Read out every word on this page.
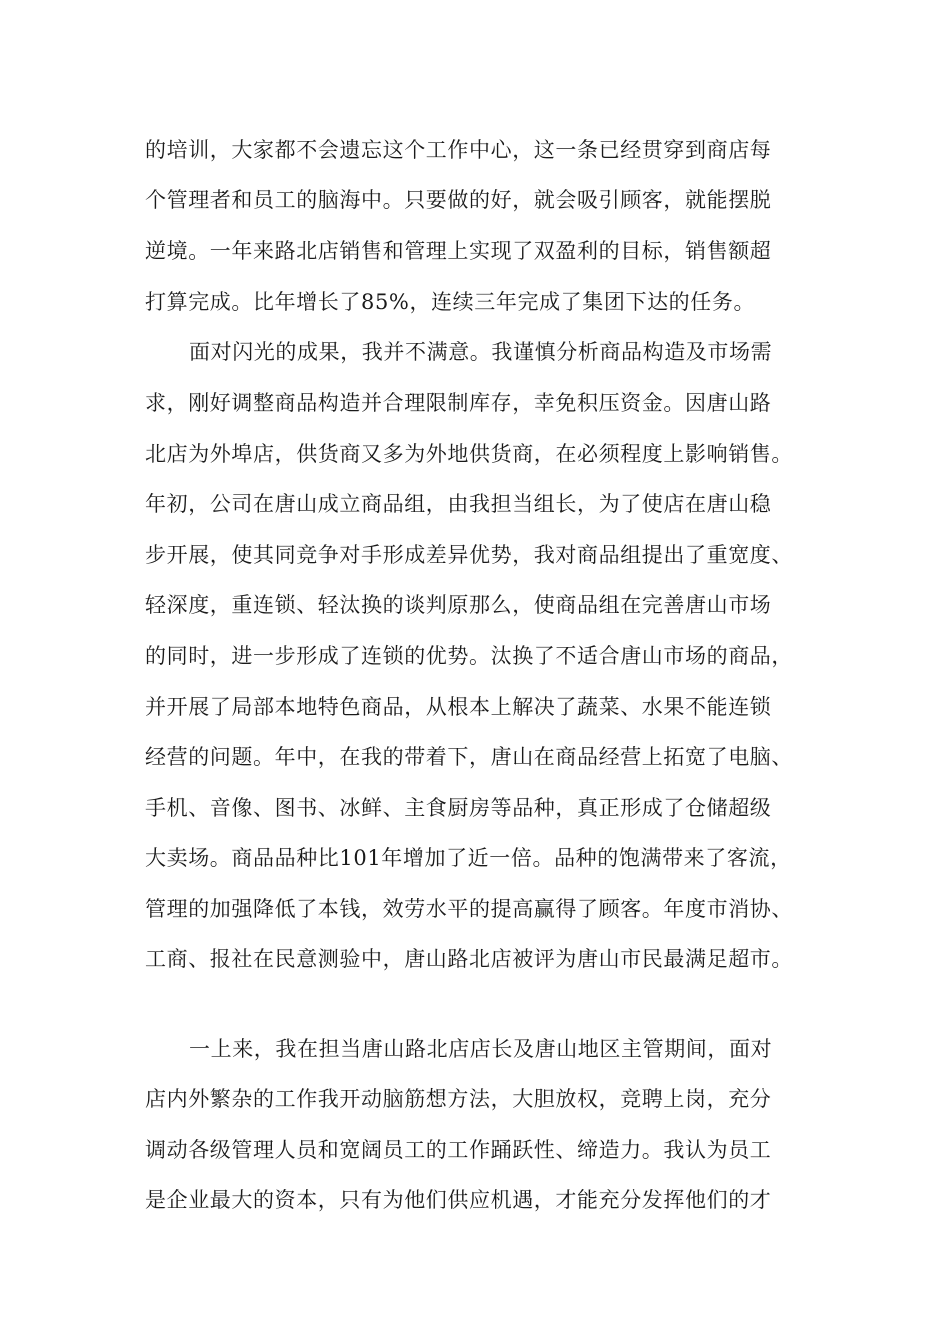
的培训，大家都不会遗忘这个工作中心，这一条已经贯穿到商店每
个管理者和员工的脑海中。只要做的好，就会吸引顾客，就能摆脱
逆境。一年来路北店销售和管理上实现了双盈利的目标，销售额超
打算完成。比年增长了85%，连续三年完成了集团下达的任务。
面对闪光的成果，我并不满意。我谨慎分析商品构造及市场需
求，刚好调整商品构造并合理限制库存，幸免积压资金。因唐山路
北店为外埠店，供货商又多为外地供货商，在必须程度上影响销售。
年初，公司在唐山成立商品组，由我担当组长，为了使店在唐山稳
步开展，使其同竞争对手形成差异优势，我对商品组提出了重宽度、
轻深度，重连锁、轻汰换的谈判原那么，使商品组在完善唐山市场
的同时，进一步形成了连锁的优势。汰换了不适合唐山市场的商品，
并开展了局部本地特色商品，从根本上解决了蔬菜、水果不能连锁
经营的问题。年中，在我的带着下，唐山在商品经营上拓宽了电脑、
手机、音像、图书、冰鲜、主食厨房等品种，真正形成了仓储超级
大卖场。商品品种比101年增加了近一倍。品种的饱满带来了客流，
管理的加强降低了本钱，效劳水平的提高赢得了顾客。年度市消协、
工商、报社在民意测验中，唐山路北店被评为唐山市民最满足超市。
一上来，我在担当唐山路北店店长及唐山地区主管期间，面对
店内外繁杂的工作我开动脑筋想方法，大胆放权，竞聘上岗，充分
调动各级管理人员和宽阔员工的工作踊跃性、缔造力。我认为员工
是企业最大的资本，只有为他们供应机遇，才能充分发挥他们的才
